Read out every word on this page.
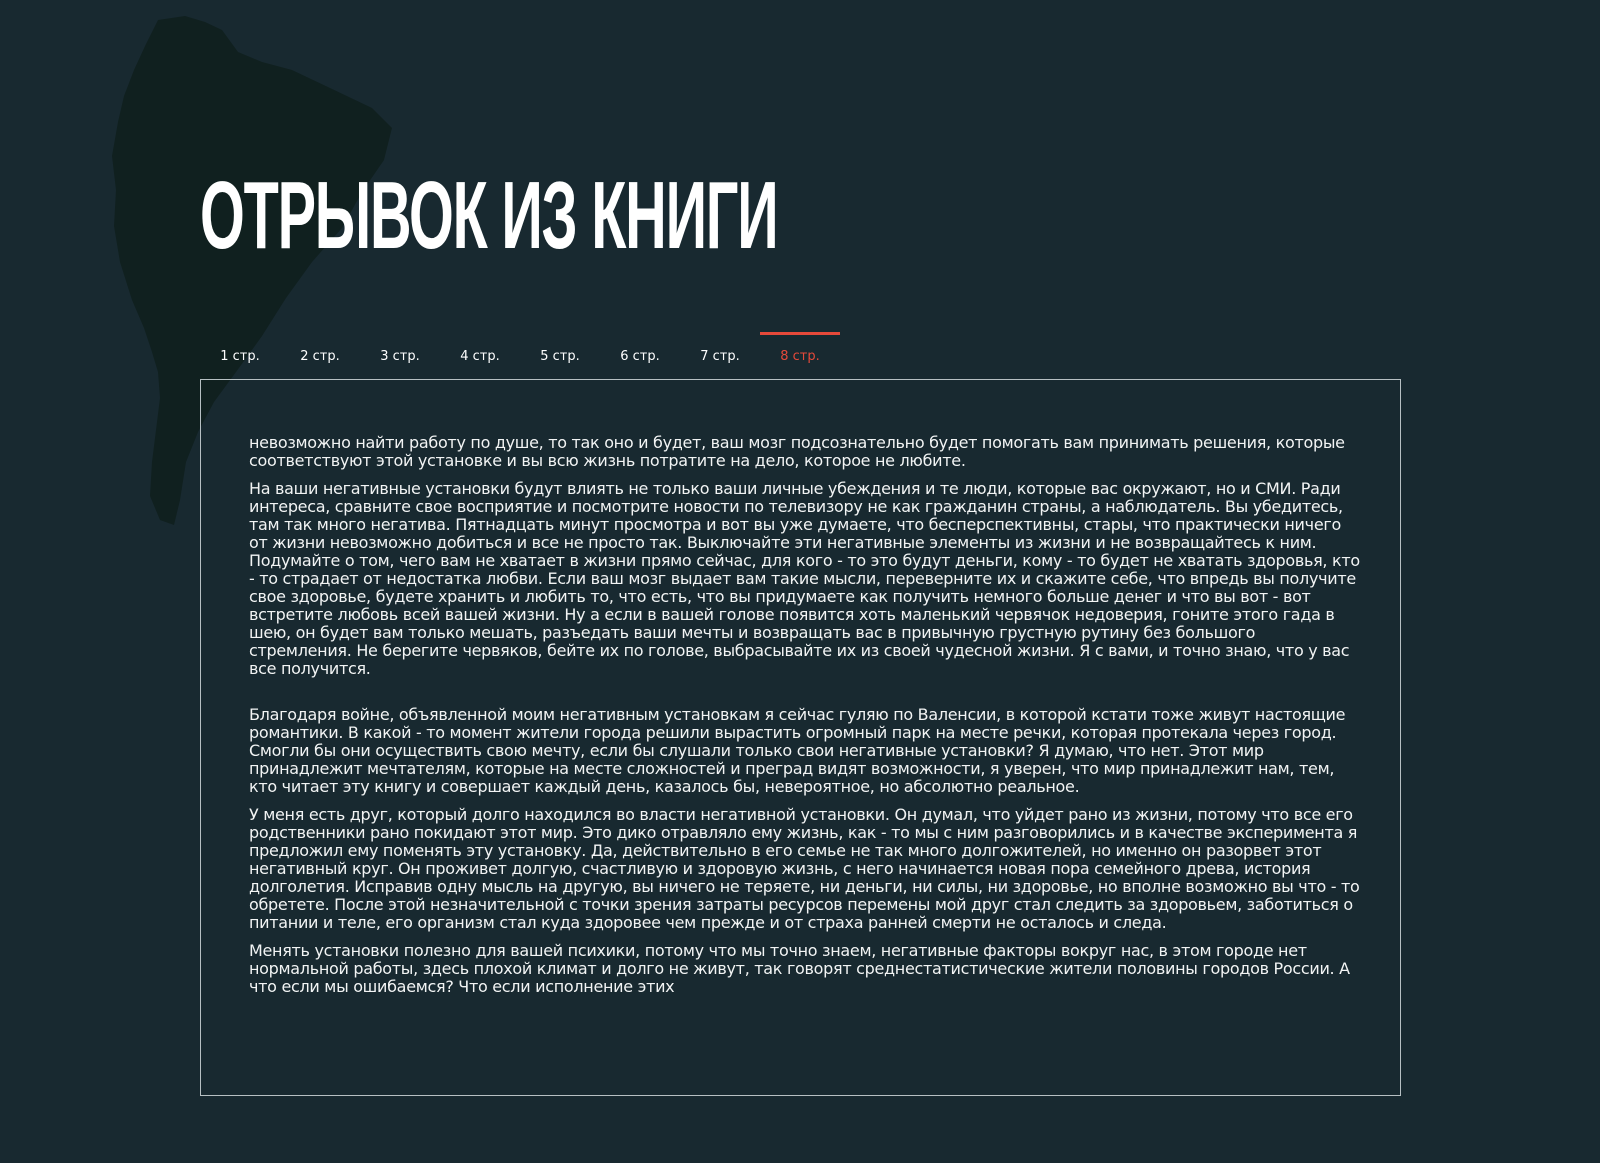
ОТРЫВОК ИЗ КНИГИ
1 стр.	2 стр.	3 стр.	4 стр.	5 стр.	6 стр.	7 стр.	8 стр.

невозможно найти работу по душе, то так оно и будет, ваш мозг подсознательно будет помогать вам принимать решения, которые соответствуют этой установке и вы всю жизнь потратите на дело, которое не любите.

На ваши негативные установки будут влиять не только ваши личные убеждения и те люди, которые вас окружают, но и СМИ. Ради интереса, сравните свое восприятие и посмотрите новости по телевизору не как гражданин страны, а наблюдатель. Вы убедитесь, там так много негатива. Пятнадцать минут просмотра и вот вы уже думаете, что бесперспективны, стары, что практически ничего от жизни невозможно добиться и все не просто так. Выключайте эти негативные элементы из жизни и не возвращайтесь к ним. Подумайте о том, чего вам не хватает в жизни прямо сейчас, для кого - то это будут деньги, кому - то будет не хватать здоровья, кто - то страдает от недостатка любви. Если ваш мозг выдает вам такие мысли, переверните их и скажите себе, что впредь вы получите свое здоровье, будете хранить и любить то, что есть, что вы придумаете как получить немного больше денег и что вы вот - вот встретите любовь всей вашей жизни. Ну а если в вашей голове появится хоть маленький червячок недоверия, гоните этого гада в шею, он будет вам только мешать, разъедать ваши мечты и возвращать вас в привычную грустную рутину без большого стремления. Не берегите червяков, бейте их по голове, выбрасывайте их из своей чудесной жизни. Я с вами, и точно знаю, что у вас все получится.

Благодаря войне, объявленной моим негативным установкам я сейчас гуляю по Валенсии, в которой кстати тоже живут настоящие романтики. В какой - то момент жители города решили вырастить огромный парк на месте речки, которая протекала через город. Смогли бы они осуществить свою мечту, если бы слушали только свои негативные установки? Я думаю, что нет. Этот мир принадлежит мечтателям, которые на месте сложностей и преград видят возможности, я уверен, что мир принадлежит нам, тем, кто читает эту книгу и совершает каждый день, казалось бы, невероятное, но абсолютно реальное.

У меня есть друг, который долго находился во власти негативной установки. Он думал, что уйдет рано из жизни, потому что все его родственники рано покидают этот мир. Это дико отравляло ему жизнь, как - то мы с ним разговорились и в качестве эксперимента я предложил ему поменять эту установку. Да, действительно в его семье не так много долгожителей, но именно он разорвет этот негативный круг. Он проживет долгую, счастливую и здоровую жизнь, с него начинается новая пора семейного древа, история долголетия. Исправив одну мысль на другую, вы ничего не теряете, ни деньги, ни силы, ни здоровье, но вполне возможно вы что - то обретете. После этой незначительной с точки зрения затраты ресурсов перемены мой друг стал следить за здоровьем, заботиться о питании и теле, его организм стал куда здоровее чем прежде и от страха ранней смерти не осталось и следа.

Менять установки полезно для вашей психики, потому что мы точно знаем, негативные факторы вокруг нас, в этом городе нет нормальной работы, здесь плохой климат и долго не живут, так говорят среднестатистические жители половины городов России. А что если мы ошибаемся? Что если исполнение этих
